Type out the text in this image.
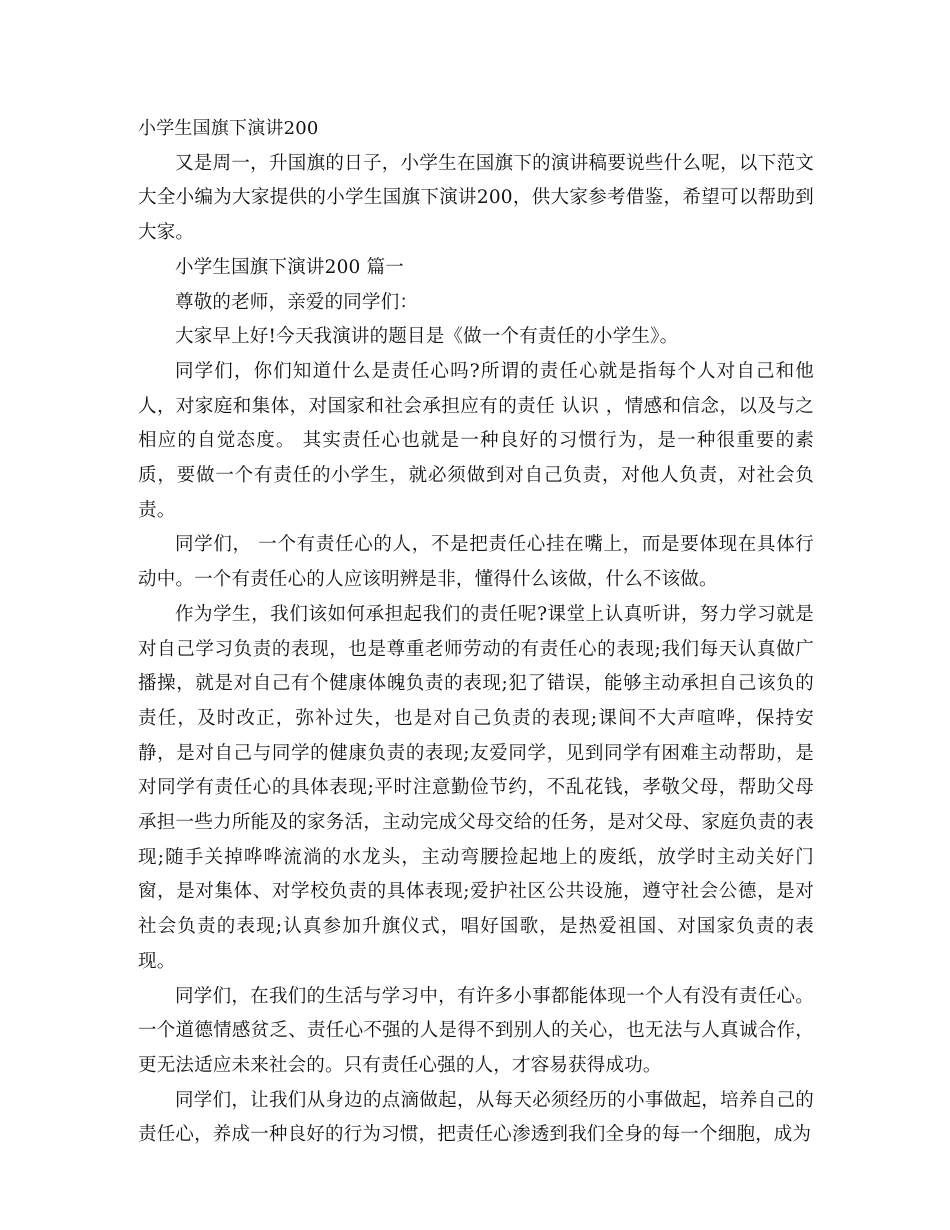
小学生国旗下演讲200

又是周一，升国旗的日子，小学生在国旗下的演讲稿要说些什么呢，以下范文大全小编为大家提供的小学生国旗下演讲200，供大家参考借鉴，希望可以帮助到大家。

小学生国旗下演讲200 篇一

尊敬的老师，亲爱的同学们：

大家早上好!今天我演讲的题目是《做一个有责任的小学生》。

同学们，你们知道什么是责任心吗?所谓的责任心就是指每个人对自己和他人，对家庭和集体，对国家和社会承担应有的责任 认识 ，情感和信念，以及与之相应的自觉态度。 其实责任心也就是一种良好的习惯行为，是一种很重要的素质，要做一个有责任的小学生，就必须做到对自己负责，对他人负责，对社会负责。

同学们， 一个有责任心的人，不是把责任心挂在嘴上，而是要体现在具体行动中。一个有责任心的人应该明辨是非，懂得什么该做，什么不该做。

作为学生，我们该如何承担起我们的责任呢?课堂上认真听讲，努力学习就是对自己学习负责的表现，也是尊重老师劳动的有责任心的表现;我们每天认真做广播操，就是对自己有个健康体魄负责的表现;犯了错误，能够主动承担自己该负的责任，及时改正，弥补过失，也是对自己负责的表现;课间不大声喧哗，保持安静，是对自己与同学的健康负责的表现;友爱同学，见到同学有困难主动帮助，是对同学有责任心的具体表现;平时注意勤俭节约，不乱花钱，孝敬父母，帮助父母承担一些力所能及的家务活，主动完成父母交给的任务，是对父母、家庭负责的表现;随手关掉哗哗流淌的水龙头，主动弯腰捡起地上的废纸，放学时主动关好门窗，是对集体、对学校负责的具体表现;爱护社区公共设施，遵守社会公德，是对社会负责的表现;认真参加升旗仪式，唱好国歌，是热爱祖国、对国家负责的表现。

同学们，在我们的生活与学习中，有许多小事都能体现一个人有没有责任心。一个道德情感贫乏、责任心不强的人是得不到别人的关心，也无法与人真诚合作，更无法适应未来社会的。只有责任心强的人，才容易获得成功。

同学们，让我们从身边的点滴做起，从每天必须经历的小事做起，培养自己的责任心，养成一种良好的行为习惯，把责任心渗透到我们全身的每一个细胞，成为
